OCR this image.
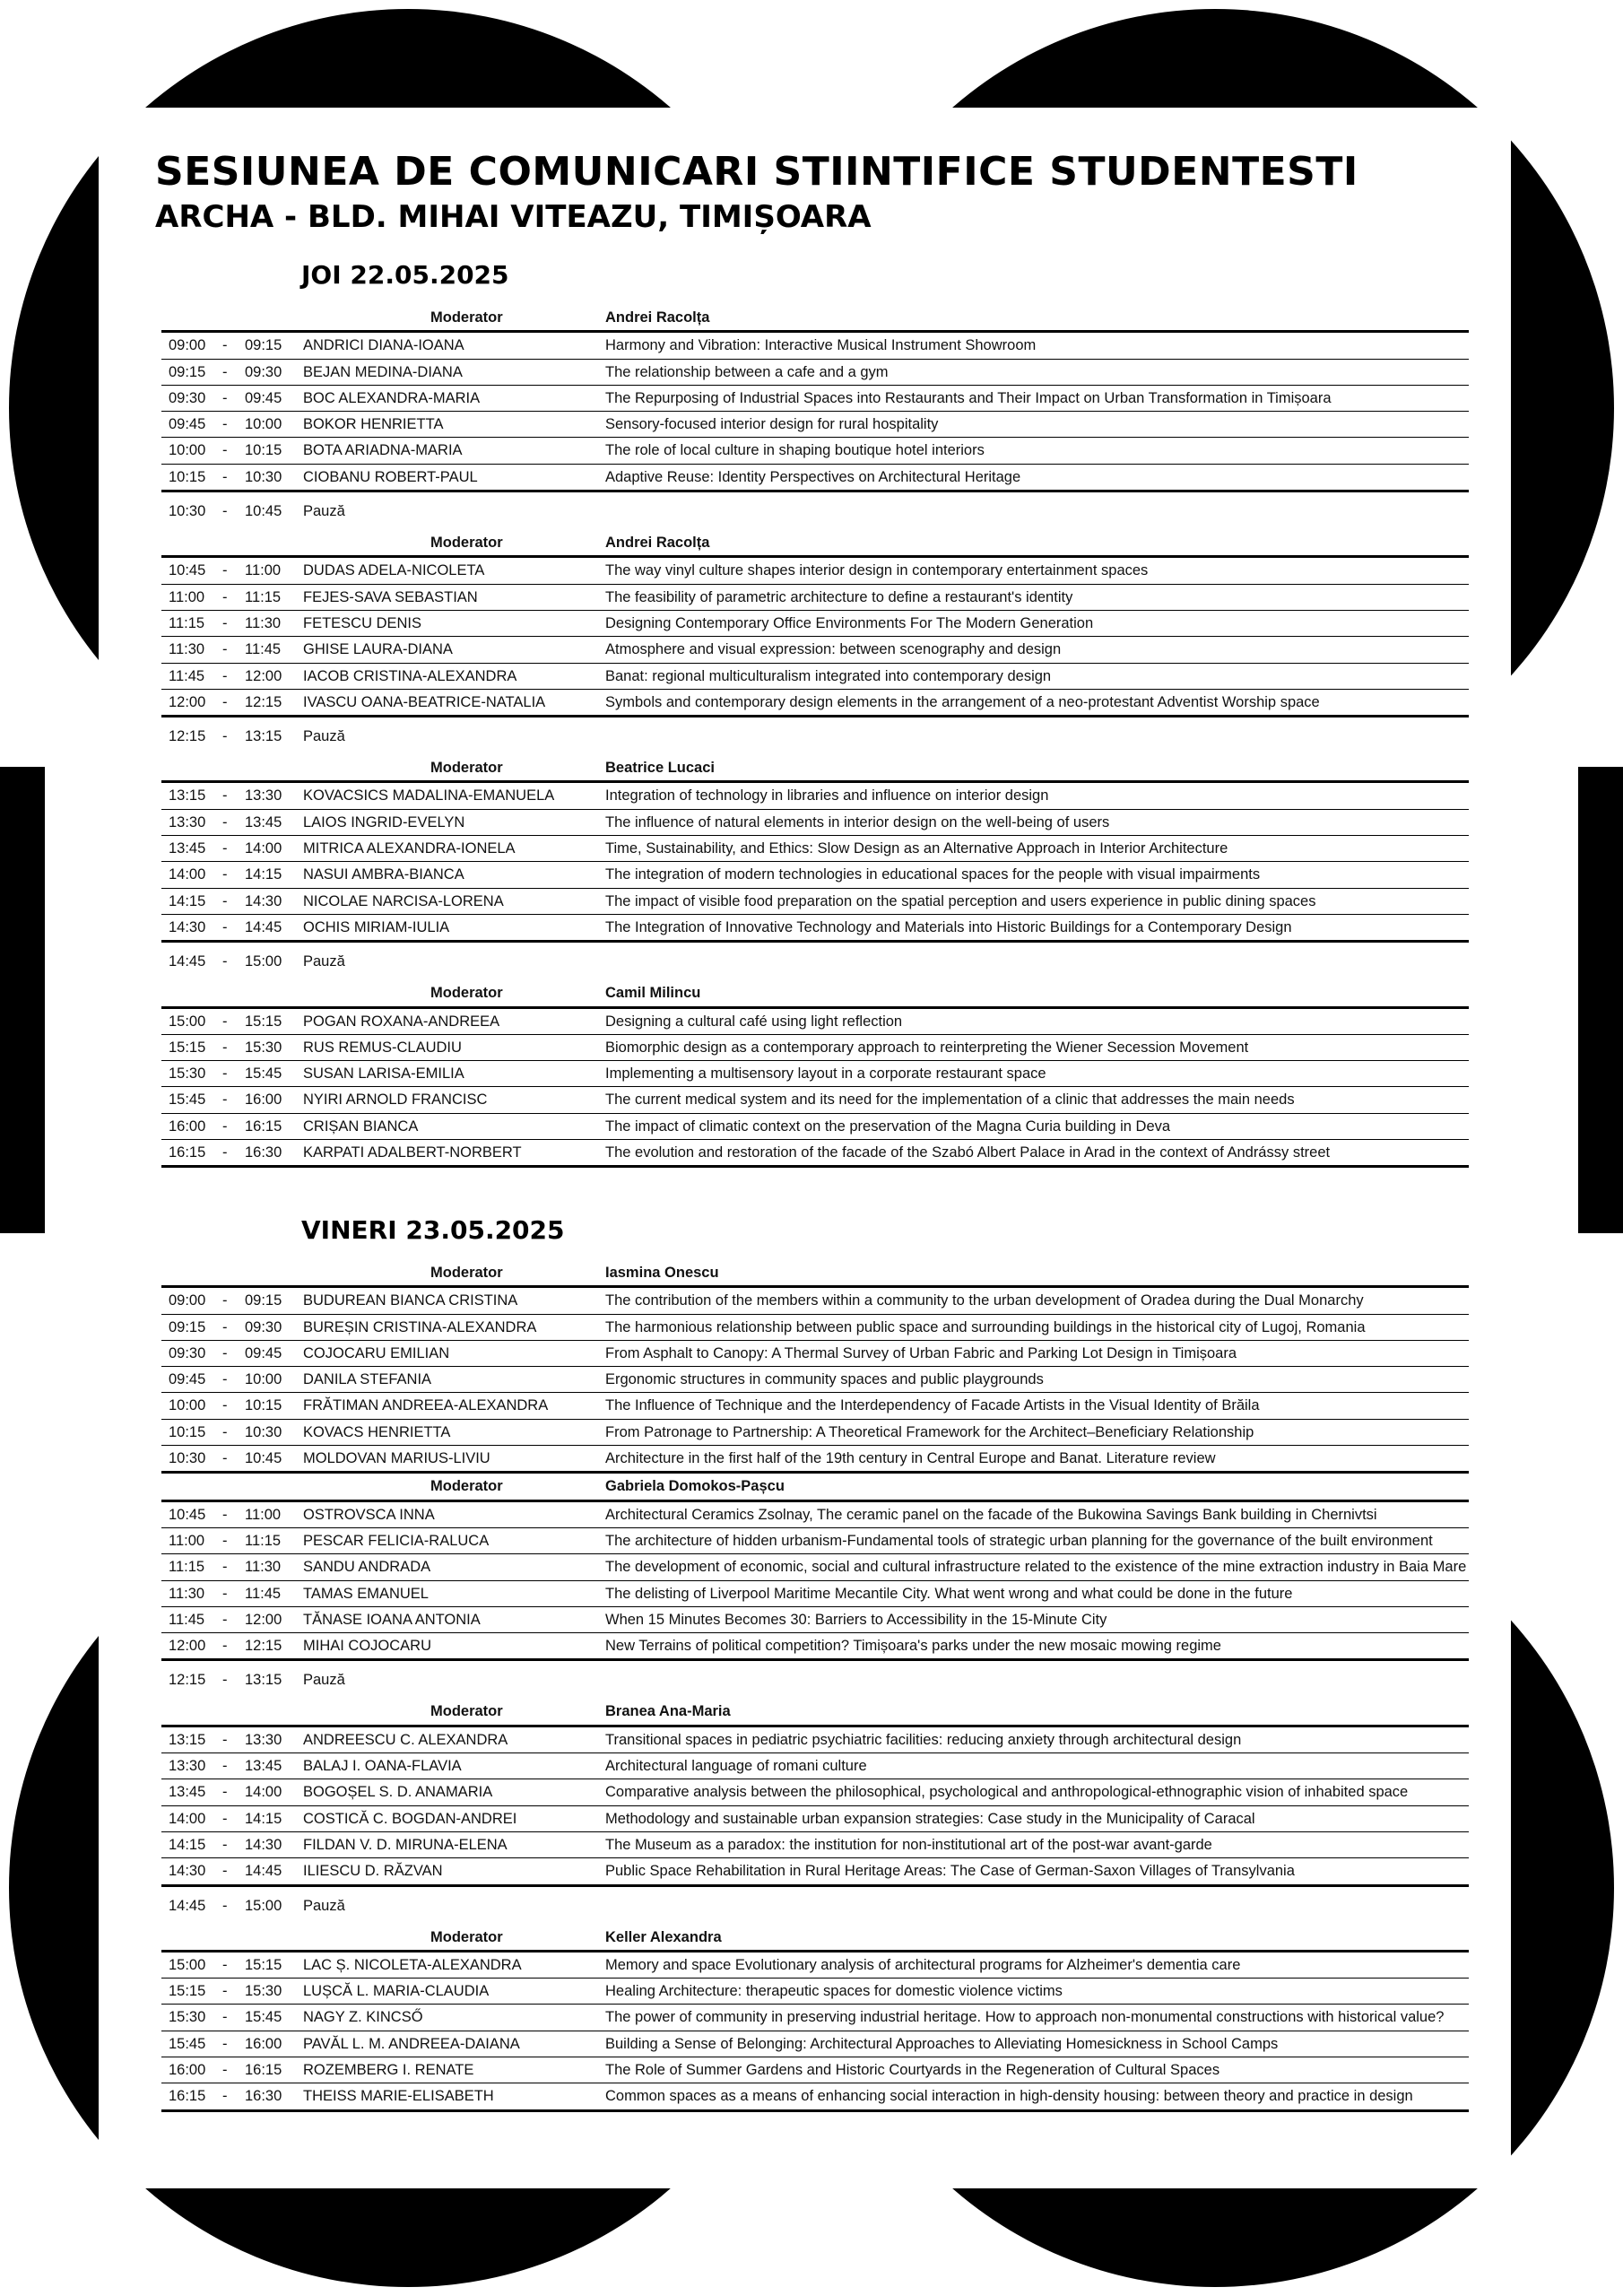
SESIUNEA DE COMUNICARI STIINTIFICE STUDENTESTI
ARCHA - BLD. MIHAI VITEAZU, TIMIȘOARA
JOI 22.05.2025
Moderator	Andrei Racolța
09:00 - 09:15 ANDRICI DIANA-IOANA	Harmony and Vibration: Interactive Musical Instrument Showroom
09:15 - 09:30 BEJAN MEDINA-DIANA	The relationship between a cafe and a gym
09:30 - 09:45 BOC ALEXANDRA-MARIA	The Repurposing of Industrial Spaces into Restaurants and Their Impact on Urban Transformation in Timișoara
09:45 - 10:00 BOKOR HENRIETTA	Sensory-focused interior design for rural hospitality
10:00 - 10:15 BOTA ARIADNA-MARIA	The role of local culture in shaping boutique hotel interiors
10:15 - 10:30 CIOBANU ROBERT-PAUL	Adaptive Reuse: Identity Perspectives on Architectural Heritage
10:30 - 10:45 Pauză
Moderator	Andrei Racolța
10:45 - 11:00 DUDAS ADELA-NICOLETA	The way vinyl culture shapes interior design in contemporary entertainment spaces
11:00 - 11:15 FEJES-SAVA SEBASTIAN	The feasibility of parametric architecture to define a restaurant's identity
11:15 - 11:30 FETESCU DENIS	Designing Contemporary Office Environments For The Modern Generation
11:30 - 11:45 GHISE LAURA-DIANA	Atmosphere and visual expression: between scenography and design
11:45 - 12:00 IACOB CRISTINA-ALEXANDRA	Banat: regional multiculturalism integrated into contemporary design
12:00 - 12:15 IVASCU OANA-BEATRICE-NATALIA	Symbols and contemporary design elements in the arrangement of a neo-protestant Adventist Worship space
12:15 - 13:15 Pauză
Moderator	Beatrice Lucaci
13:15 - 13:30 KOVACSICS MADALINA-EMANUELA	Integration of technology in libraries and influence on interior design
13:30 - 13:45 LAIOS INGRID-EVELYN	The influence of natural elements in interior design on the well-being of users
13:45 - 14:00 MITRICA ALEXANDRA-IONELA	Time, Sustainability, and Ethics: Slow Design as an Alternative Approach in Interior Architecture
14:00 - 14:15 NASUI AMBRA-BIANCA	The integration of modern technologies in educational spaces for the people with visual impairments
14:15 - 14:30 NICOLAE NARCISA-LORENA	The impact of visible food preparation on the spatial perception and users experience in public dining spaces
14:30 - 14:45 OCHIS MIRIAM-IULIA	The Integration of Innovative Technology and Materials into Historic Buildings for a Contemporary Design
14:45 - 15:00 Pauză
Moderator	Camil Milincu
15:00 - 15:15 POGAN ROXANA-ANDREEA	Designing a cultural café using light reflection
15:15 - 15:30 RUS REMUS-CLAUDIU	Biomorphic design as a contemporary approach to reinterpreting the Wiener Secession Movement
15:30 - 15:45 SUSAN LARISA-EMILIA	Implementing a multisensory layout in a corporate restaurant space
15:45 - 16:00 NYIRI ARNOLD FRANCISC	The current medical system and its need for the implementation of a clinic that addresses the main needs
16:00 - 16:15 CRIȘAN BIANCA	The impact of climatic context on the preservation of the Magna Curia building in Deva
16:15 - 16:30 KARPATI ADALBERT-NORBERT	The evolution and restoration of the facade of the Szabó Albert Palace in Arad in the context of Andrássy street
VINERI 23.05.2025
Moderator	Iasmina Onescu
09:00 - 09:15 BUDUREAN BIANCA CRISTINA	The contribution of the members within a community to the urban development of Oradea during the Dual Monarchy
09:15 - 09:30 BUREȘIN CRISTINA-ALEXANDRA	The harmonious relationship between public space and surrounding buildings in the historical city of Lugoj, Romania
09:30 - 09:45 COJOCARU EMILIAN	From Asphalt to Canopy: A Thermal Survey of Urban Fabric and Parking Lot Design in Timișoara
09:45 - 10:00 DANILA STEFANIA	Ergonomic structures in community spaces and public playgrounds
10:00 - 10:15 FRĂTIMAN ANDREEA-ALEXANDRA	The Influence of Technique and the Interdependency of Facade Artists in the Visual Identity of Brăila
10:15 - 10:30 KOVACS HENRIETTA	From Patronage to Partnership: A Theoretical Framework for the Architect–Beneficiary Relationship
10:30 - 10:45 MOLDOVAN MARIUS-LIVIU	Architecture in the first half of the 19th century in Central Europe and Banat. Literature review
Moderator	Gabriela Domokos-Pașcu
10:45 - 11:00 OSTROVSCA INNA	Architectural Ceramics Zsolnay, The ceramic panel on the facade of the Bukowina Savings Bank building in Chernivtsi
11:00 - 11:15 PESCAR FELICIA-RALUCA	The architecture of hidden urbanism-Fundamental tools of strategic urban planning for the governance of the built environment
11:15 - 11:30 SANDU ANDRADA	The development of economic, social and cultural infrastructure related to the existence of the mine extraction industry in Baia Mare
11:30 - 11:45 TAMAS EMANUEL	The delisting of Liverpool Maritime Mecantile City. What went wrong and what could be done in the future
11:45 - 12:00 TĂNASE IOANA ANTONIA	When 15 Minutes Becomes 30: Barriers to Accessibility in the 15-Minute City
12:00 - 12:15 MIHAI COJOCARU	New Terrains of political competition? Timișoara's parks under the new mosaic mowing regime
12:15 - 13:15 Pauză
Moderator	Branea Ana-Maria
13:15 - 13:30 ANDREESCU C. ALEXANDRA	Transitional spaces in pediatric psychiatric facilities: reducing anxiety through architectural design
13:30 - 13:45 BALAJ I. OANA-FLAVIA	Architectural language of romani culture
13:45 - 14:00 BOGOȘEL S. D. ANAMARIA	Comparative analysis between the philosophical, psychological and anthropological-ethnographic vision of inhabited space
14:00 - 14:15 COSTICĂ C. BOGDAN-ANDREI	Methodology and sustainable urban expansion strategies: Case study in the Municipality of Caracal
14:15 - 14:30 FILDAN V. D. MIRUNA-ELENA	The Museum as a paradox: the institution for non-institutional art of the post-war avant-garde
14:30 - 14:45 ILIESCU D. RĂZVAN	Public Space Rehabilitation in Rural Heritage Areas: The Case of German-Saxon Villages of Transylvania
14:45 - 15:00 Pauză
Moderator	Keller Alexandra
15:00 - 15:15 LAC Ș. NICOLETA-ALEXANDRA	Memory and space Evolutionary analysis of architectural programs for Alzheimer's dementia care
15:15 - 15:30 LUȘCĂ L. MARIA-CLAUDIA	Healing Architecture: therapeutic spaces for domestic violence victims
15:30 - 15:45 NAGY Z. KINCSŐ	The power of community in preserving industrial heritage. How to approach non-monumental constructions with historical value?
15:45 - 16:00 PAVĂL L. M. ANDREEA-DAIANA	Building a Sense of Belonging: Architectural Approaches to Alleviating Homesickness in School Camps
16:00 - 16:15 ROZEMBERG I. RENATE	The Role of Summer Gardens and Historic Courtyards in the Regeneration of Cultural Spaces
16:15 - 16:30 THEISS MARIE-ELISABETH	Common spaces as a means of enhancing social interaction in high-density housing: between theory and practice in design
